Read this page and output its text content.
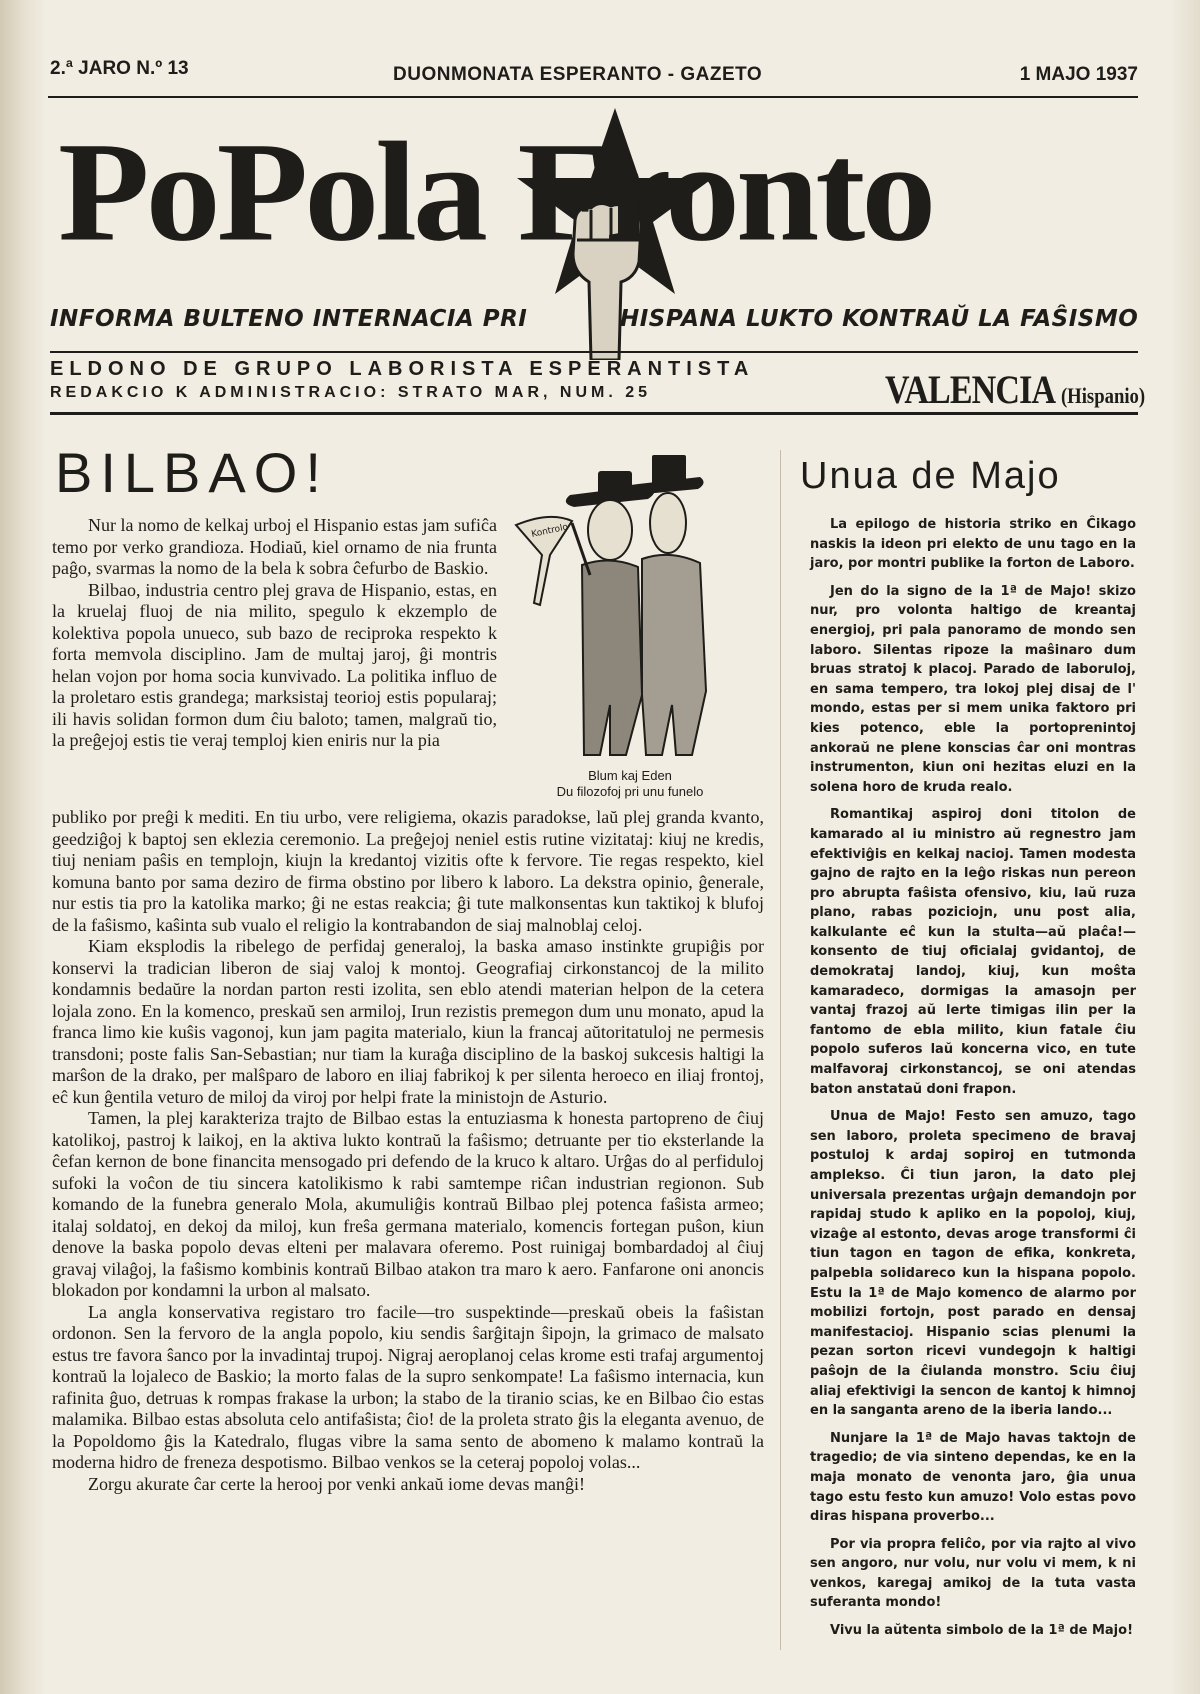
2.ª JARO N.º 13	DUONMONATA ESPERANTO - GAZETO	1 MAJO 1937
PoPola Fronto
INFORMA BULTENO INTERNACIA PRI	HISPANA LUKTO KONTRAŬ LA FAŜISMO
ELDONO DE GRUPO LABORISTA ESPERANTISTA
REDAKCIO K ADMINISTRACIO: STRATO MAR, NUM. 25	VALENCIA (Hispanio)
BILBAO!

Nur la nomo de kelkaj urboj el Hispanio estas jam sufiĉa temo por verko grandioza. Hodiaŭ, kiel ornamo de nia frunta paĝo, svarmas la nomo de la bela k sobra ĉefurbo de Baskio.

Bilbao, industria centro plej grava de Hispanio, estas, en la kruelaj fluoj de nia milito, spegulo k ekzemplo de kolektiva popola unueco, sub bazo de reciproka respekto k forta memvola disciplino. Jam de multaj jaroj, ĝi montris helan vojon por homa socia kunvivado. La politika influo de la proletaro estis grandega; marksistaj teorioj estis popularaj; ili havis solidan formon dum ĉiu baloto; tamen, malgraŭ tio, la preĝejoj estis tie veraj temploj kien eniris nur la pia

Kontrolo
Blum kaj Eden
Du filozofoj pri unu funelo

publiko por preĝi k mediti. En tiu urbo, vere religiema, okazis paradokse, laŭ plej granda kvanto, geedziĝoj k baptoj sen eklezia ceremonio. La preĝejoj neniel estis rutine vizitataj: kiuj ne kredis, tiuj neniam paŝis en templojn, kiujn la kredantoj vizitis ofte k fervore. Tie regas respekto, kiel komuna banto por sama deziro de firma obstino por libero k laboro. La dekstra opinio, ĝenerale, nur estis tia pro la katolika marko; ĝi ne estas reakcia; ĝi tute malkonsentas kun taktikoj k blufoj de la faŝismo, kaŝinta sub vualo el religio la kontrabandon de siaj malnoblaj celoj.

Kiam eksplodis la ribelego de perfidaj generaloj, la baska amaso instinkte grupiĝis por konservi la tradician liberon de siaj valoj k montoj. Geografiaj cirkonstancoj de la milito kondamnis bedaŭre la nordan parton resti izolita, sen eblo atendi materian helpon de la cetera lojala zono. En la komenco, preskaŭ sen armiloj, Irun rezistis premegon dum unu monato, apud la franca limo kie kuŝis vagonoj, kun jam pagita materialo, kiun la francaj aŭtoritatuloj ne permesis transdoni; poste falis San-Sebastian; nur tiam la kuraĝa disciplino de la baskoj sukcesis haltigi la marŝon de la drako, per malŝparo de laboro en iliaj fabrikoj k per silenta heroeco en iliaj frontoj, eĉ kun ĝentila veturo de miloj da viroj por helpi frate la ministojn de Asturio.

Tamen, la plej karakteriza trajto de Bilbao estas la entuziasma k honesta partopreno de ĉiuj katolikoj, pastroj k laikoj, en la aktiva lukto kontraŭ la faŝismo; detruante per tio eksterlande la ĉefan kernon de bone financita mensogado pri defendo de la kruco k altaro. Urĝas do al perfiduloj sufoki la voĉon de tiu sincera katolikismo k rabi samtempe riĉan industrian regionon. Sub komando de la funebra generalo Mola, akumuliĝis kontraŭ Bilbao plej potenca faŝista armeo; italaj soldatoj, en dekoj da miloj, kun freŝa germana materialo, komencis fortegan puŝon, kiun denove la baska popolo devas elteni per malavara oferemo. Post ruinigaj bombardadoj al ĉiuj gravaj vilaĝoj, la faŝismo kombinis kontraŭ Bilbao atakon tra maro k aero. Fanfarone oni anoncis blokadon por kondamni la urbon al malsato.

La angla konservativa registaro tro facile—tro suspektinde—preskaŭ obeis la faŝistan ordonon. Sen la fervoro de la angla popolo, kiu sendis ŝarĝitajn ŝipojn, la grimaco de malsato estus tre favora ŝanco por la invadintaj trupoj. Nigraj aeroplanoj celas krome esti trafaj argumentoj kontraŭ la lojaleco de Baskio; la morto falas de la supro senkompate! La faŝismo internacia, kun rafinita ĝuo, detruas k rompas frakase la urbon; la stabo de la tiranio scias, ke en Bilbao ĉio estas malamika. Bilbao estas absoluta celo antifaŝista; ĉio! de la proleta strato ĝis la eleganta avenuo, de la Popoldomo ĝis la Katedralo, flugas vibre la sama sento de abomeno k malamo kontraŭ la moderna hidro de freneza despotismo. Bilbao venkos se la ceteraj popoloj volas...

Zorgu akurate ĉar certe la herooj por venki ankaŭ iome devas manĝi!

Unua de Majo

La epilogo de historia striko en Ĉikago naskis la ideon pri elekto de unu tago en la jaro, por montri publike la forton de Laboro.

Jen do la signo de la 1ª de Majo! skizo nur, pro volonta haltigo de kreantaj energioj, pri pala panoramo de mondo sen laboro. Silentas ripoze la maŝinaro dum bruas stratoj k placoj. Parado de laboruloj, en sama tempero, tra lokoj plej disaj de l' mondo, estas per si mem unika faktoro pri kies potenco, eble la portoprenintoj ankoraŭ ne plene konscias ĉar oni montras instrumenton, kiun oni hezitas eluzi en la solena horo de kruda realo.

Romantikaj aspiroj doni titolon de kamarado al iu ministro aŭ regnestro jam efektiviĝis en kelkaj nacioj. Tamen modesta gajno de rajto en la leĝo riskas nun pereon pro abrupta faŝista ofensivo, kiu, laŭ ruza plano, rabas poziciojn, unu post alia, kalkulante eĉ kun la stulta—aŭ plaĉa!—konsento de tiuj oficialaj gvidantoj, de demokrataj landoj, kiuj, kun moŝta kamaradeco, dormigas la amasojn per vantaj frazoj aŭ lerte timigas ilin per la fantomo de ebla milito, kiun fatale ĉiu popolo suferos laŭ koncerna vico, en tute malfavoraj cirkonstancoj, se oni atendas baton anstataŭ doni frapon.

Unua de Majo! Festo sen amuzo, tago sen laboro, proleta specimeno de bravaj postuloj k ardaj sopiroj en tutmonda amplekso. Ĉi tiun jaron, la dato plej universala prezentas urĝajn demandojn por rapidaj studo k apliko en la popoloj, kiuj, vizaĝe al estonto, devas aroge transformi ĉi tiun tagon en tagon de efika, konkreta, palpebla solidareco kun la hispana popolo. Estu la 1ª de Majo komenco de alarmo por mobilizi fortojn, post parado en densaj manifestacioj. Hispanio scias plenumi la pezan sorton ricevi vundegojn k haltigi paŝojn de la ĉiulanda monstro. Sciu ĉiuj aliaj efektivigi la sencon de kantoj k himnoj en la sanganta areno de la iberia lando...

Nunjare la 1ª de Majo havas taktojn de tragedio; de via sinteno dependas, ke en la maja monato de venonta jaro, ĝia unua tago estu festo kun amuzo! Volo estas povo diras hispana proverbo...

Por via propra feliĉo, por via rajto al vivo sen angoro, nur volu, nur volu vi mem, k ni venkos, karegaj amikoj de la tuta vasta suferanta mondo!

Vivu la aŭtenta simbolo de la 1ª de Majo!
